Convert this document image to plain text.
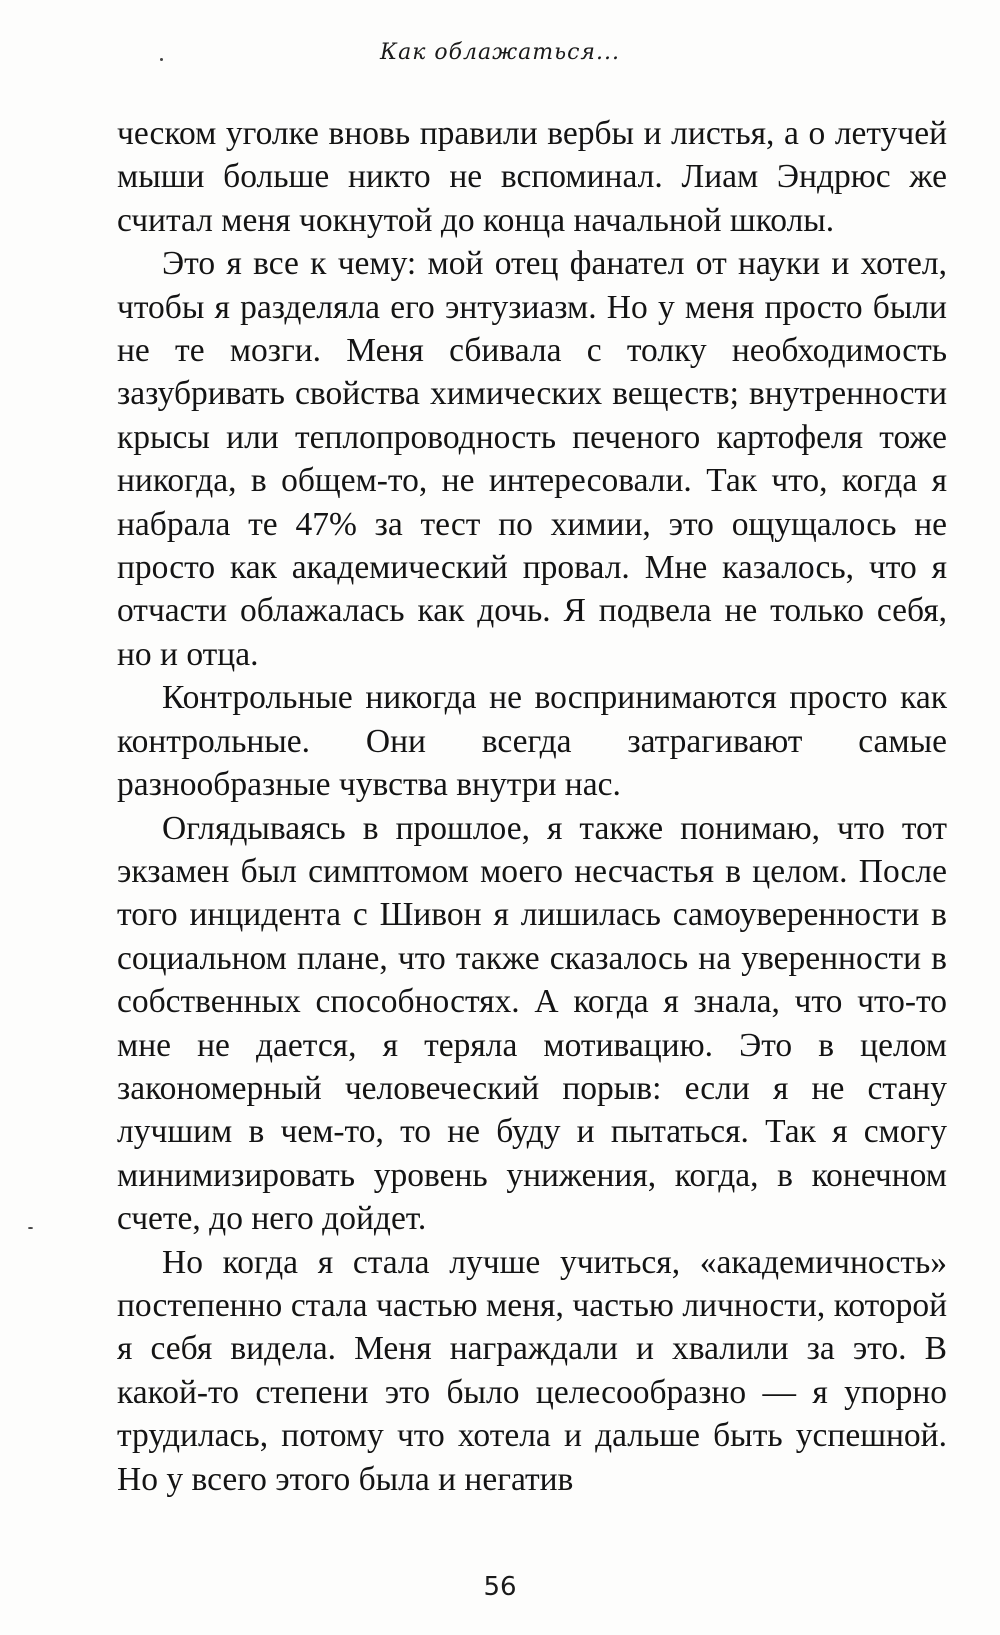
Как облажаться...

ческом уголке вновь правили вербы и листья, а о летучей мыши больше никто не вспоминал. Лиам Эндрюс же считал меня чокнутой до конца начальной школы.

Это я все к чему: мой отец фанател от науки и хотел, чтобы я разделяла его энтузиазм. Но у меня просто были не те мозги. Меня сбивала с толку необходимость зазубривать свойства химических веществ; внутренности крысы или теплопроводность печеного картофеля тоже никогда, в общем-то, не интересовали. Так что, когда я набрала те 47% за тест по химии, это ощущалось не просто как академический провал. Мне казалось, что я отчасти облажалась как дочь. Я подвела не только себя, но и отца.

Контрольные никогда не воспринимаются просто как контрольные. Они всегда затрагивают самые разнообразные чувства внутри нас.

Оглядываясь в прошлое, я также понимаю, что тот экзамен был симптомом моего несчастья в целом. После того инцидента с Шивон я лишилась самоуверенности в социальном плане, что также сказалось на уверенности в собственных способностях. А когда я знала, что что-то мне не дается, я теряла мотивацию. Это в целом закономерный человеческий порыв: если я не стану лучшим в чем-то, то не буду и пытаться. Так я смогу минимизировать уровень унижения, когда, в конечном счете, до него дойдет.

Но когда я стала лучше учиться, «академичность» постепенно стала частью меня, частью личности, которой я себя видела. Меня награждали и хвалили за это. В какой-то степени это было целесообразно — я упорно трудилась, потому что хотела и дальше быть успешной. Но у всего этого была и негатив

56
